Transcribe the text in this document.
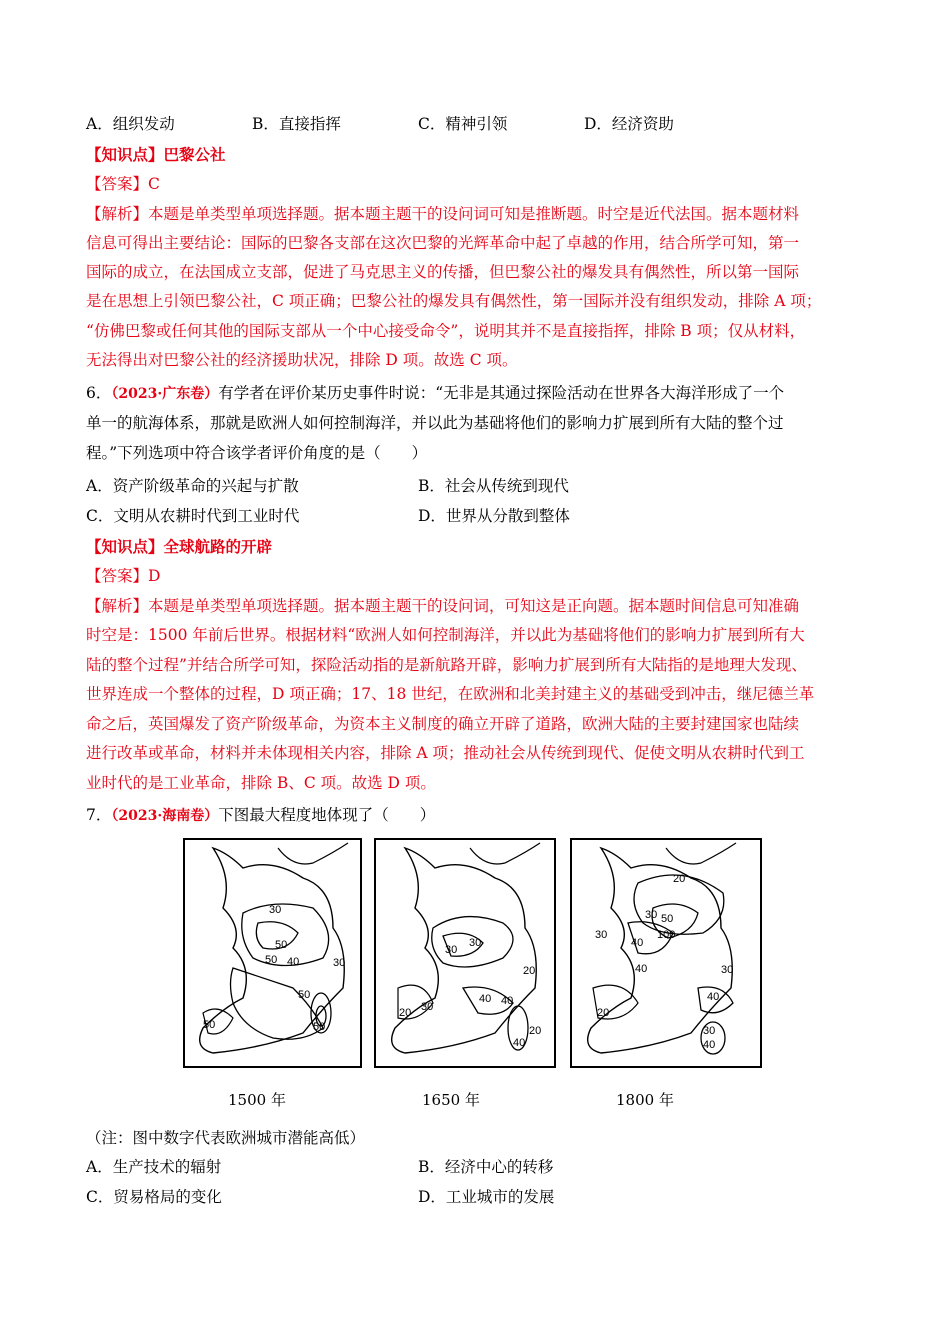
A．组织发动	B．直接指挥	C．精神引领	D．经济资助
【知识点】巴黎公社
【答案】C
【解析】本题是单类型单项选择题。据本题主题干的设问词可知是推断题。时空是近代法国。据本题材料
信息可得出主要结论：国际的巴黎各支部在这次巴黎的光辉革命中起了卓越的作用，结合所学可知，第一
国际的成立，在法国成立支部，促进了马克思主义的传播，但巴黎公社的爆发具有偶然性，所以第一国际
是在思想上引领巴黎公社，C 项正确；巴黎公社的爆发具有偶然性，第一国际并没有组织发动，排除 A 项；
“仿佛巴黎或任何其他的国际支部从一个中心接受命令”，说明其并不是直接指挥，排除 B 项；仅从材料，
无法得出对巴黎公社的经济援助状况，排除 D 项。故选 C 项。
6．（2023·广东卷）有学者在评价某历史事件时说：“无非是其通过探险活动在世界各大海洋形成了一个
单一的航海体系，那就是欧洲人如何控制海洋，并以此为基础将他们的影响力扩展到所有大陆的整个过
程。”下列选项中符合该学者评价角度的是（　　）
A．资产阶级革命的兴起与扩散	B．社会从传统到现代
C．文明从农耕时代到工业时代	D．世界从分散到整体
【知识点】全球航路的开辟
【答案】D
【解析】本题是单类型单项选择题。据本题主题干的设问词，可知这是正向题。据本题时间信息可知准确
时空是：1500 年前后世界。根据材料“欧洲人如何控制海洋，并以此为基础将他们的影响力扩展到所有大
陆的整个过程”并结合所学可知，探险活动指的是新航路开辟，影响力扩展到所有大陆指的是地理大发现、
世界连成一个整体的过程，D 项正确；17、18 世纪，在欧洲和北美封建主义的基础受到冲击，继尼德兰革
命之后，英国爆发了资产阶级革命，为资本主义制度的确立开辟了道路，欧洲大陆的主要封建国家也陆续
进行改革或革命，材料并未体现相关内容，排除 A 项；推动社会从传统到现代、促使文明从农耕时代到工
业时代的是工业革命，排除 B、C 项。故选 D 项。
7．（2023·海南卷）下图最大程度地体现了（　　）
30
50
50
40	30
50
50
50
30
30
20
20 30
40 40
40
20
20
30 50
30	100
40
40	30
20
40
30
40
1500 年	1650 年	1800 年
（注：图中数字代表欧洲城市潜能高低）
A．生产技术的辐射	B．经济中心的转移
C．贸易格局的变化	D．工业城市的发展
